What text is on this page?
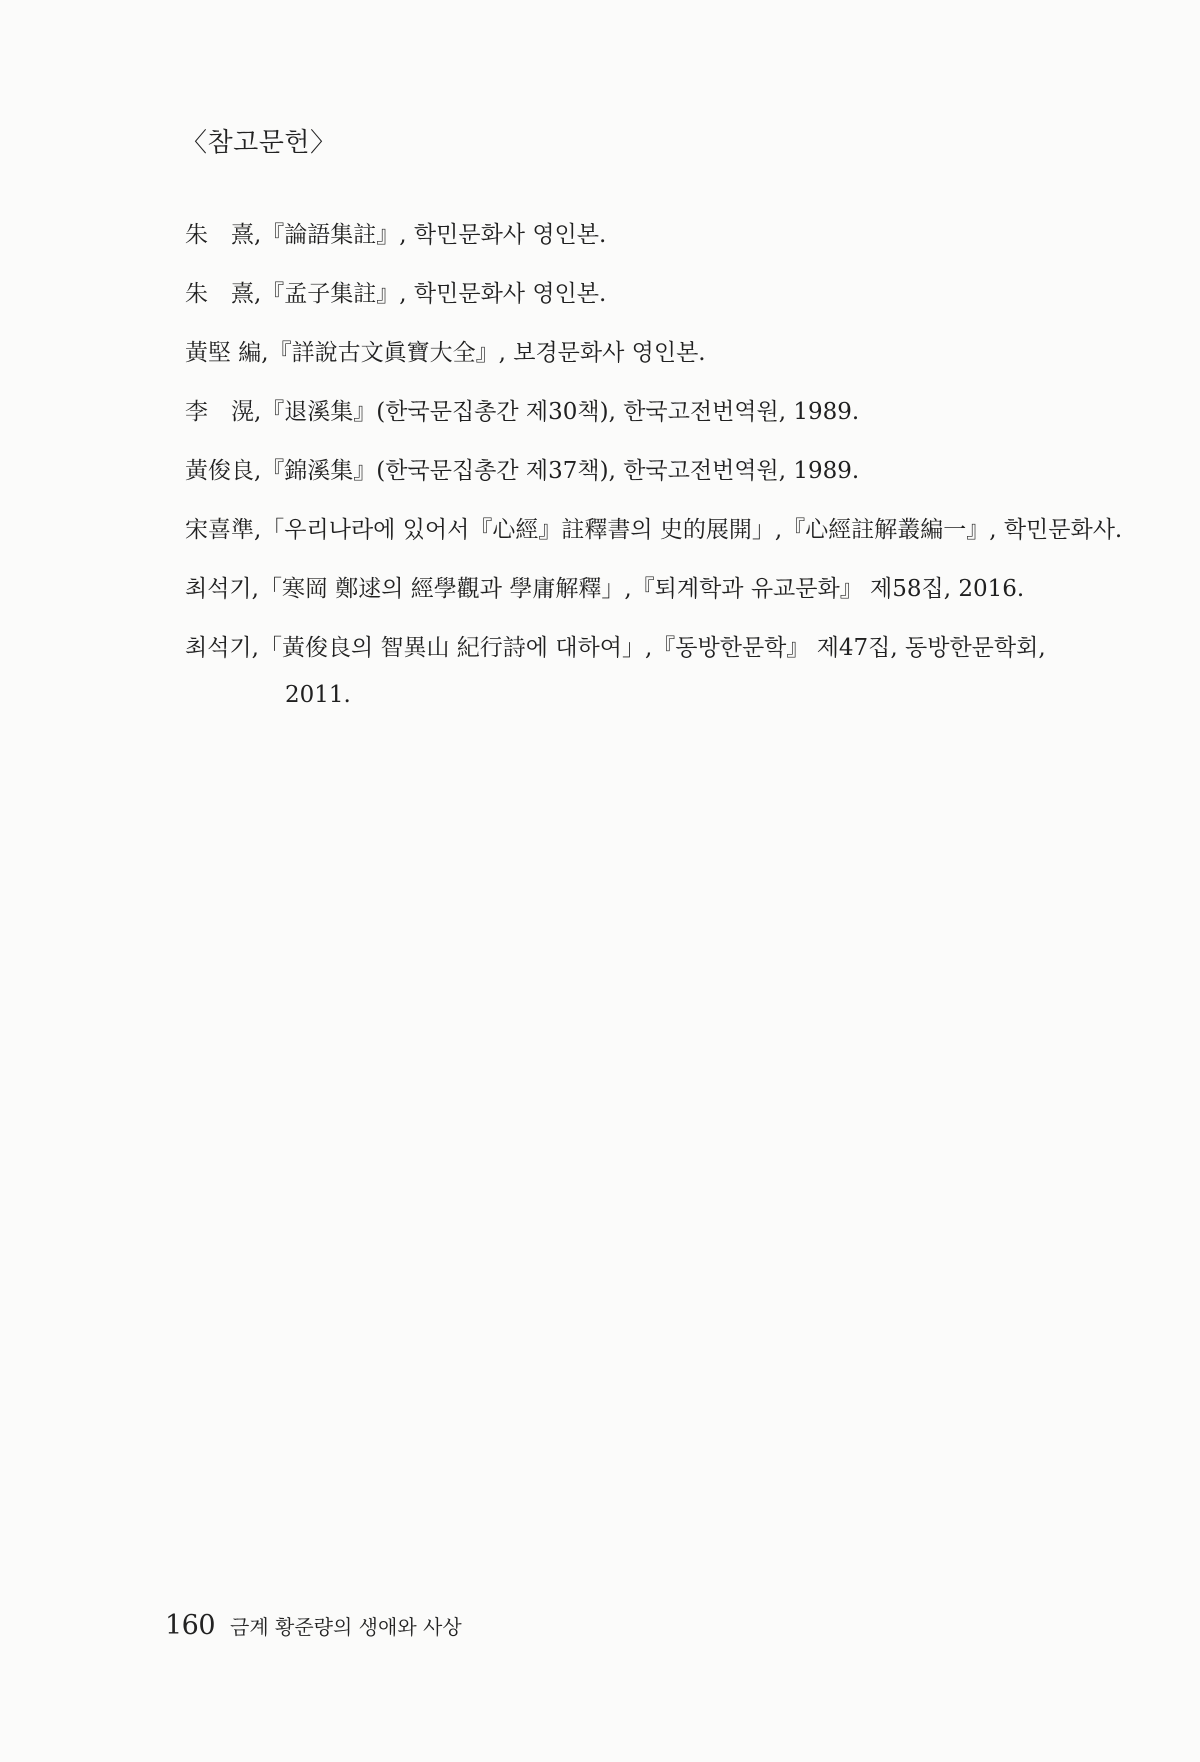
〈참고문헌〉
朱　熹,『論語集註』, 학민문화사 영인본.
朱　熹,『孟子集註』, 학민문화사 영인본.
黃堅 編,『詳說古文眞寶大全』, 보경문화사 영인본.
李　滉,『退溪集』(한국문집총간 제30책), 한국고전번역원, 1989.
黃俊良,『錦溪集』(한국문집총간 제37책), 한국고전번역원, 1989.
宋喜準,「우리나라에 있어서『心經』註釋書의 史的展開」,『心經註解叢編一』, 학민문화사.
최석기,「寒岡 鄭逑의 經學觀과 學庸解釋」,『퇴계학과 유교문화』 제58집, 2016.
최석기,「黃俊良의 智異山 紀行詩에 대하여」,『동방한문학』 제47집, 동방한문학회,
2011.
160 금계 황준량의 생애와 사상
